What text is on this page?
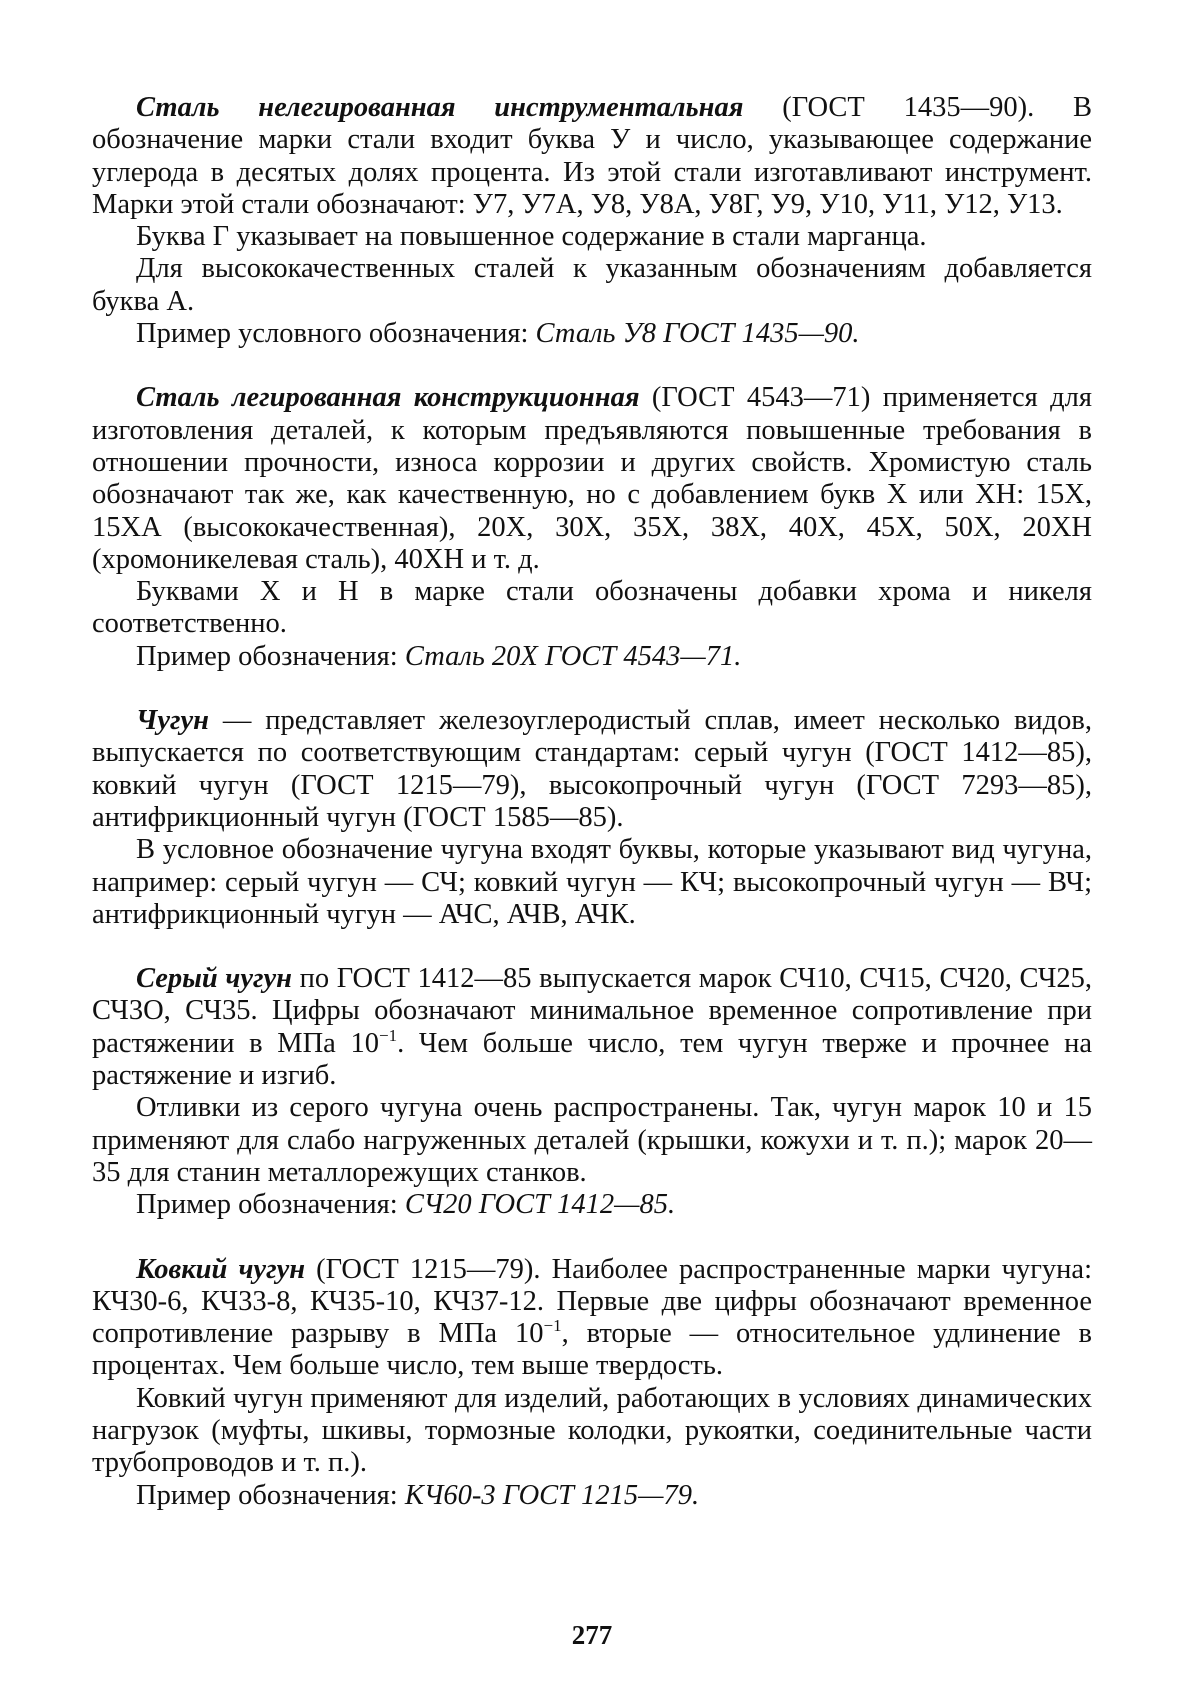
Сталь нелегированная инструментальная (ГОСТ 1435—90). В обозначение марки стали входит буква У и число, указывающее содержание углерода в десятых долях процента. Из этой стали изготавливают инструмент. Марки этой стали обозначают: У7, У7А, У8, У8А, У8Г, У9, У10, У11, У12, У13.

Буква Г указывает на повышенное содержание в стали марганца.

Для высококачественных сталей к указанным обозначениям добавляется буква А.

Пример условного обозначения: Сталь У8 ГОСТ 1435—90.

Сталь легированная конструкционная (ГОСТ 4543—71) применяется для изготовления деталей, к которым предъявляются повышенные требования в отношении прочности, износа коррозии и других свойств. Хромистую сталь обозначают так же, как качественную, но с добавлением букв Х или ХН: 15Х, 15ХА (высококачественная), 20Х, 30Х, 35Х, 38Х, 40Х, 45Х, 50Х, 20ХН (хромоникелевая сталь), 40ХН и т. д.

Буквами Х и Н в марке стали обозначены добавки хрома и никеля соответственно.

Пример обозначения: Сталь 20Х ГОСТ 4543—71.

Чугун — представляет железоуглеродистый сплав, имеет несколько видов, выпускается по соответствующим стандартам: серый чугун (ГОСТ 1412—85), ковкий чугун (ГОСТ 1215—79), высокопрочный чугун (ГОСТ 7293—85), антифрикционный чугун (ГОСТ 1585—85).

В условное обозначение чугуна входят буквы, которые указывают вид чугуна, например: серый чугун — СЧ; ковкий чугун — КЧ; высокопрочный чугун — ВЧ; антифрикционный чугун — АЧС, АЧВ, АЧК.

Серый чугун по ГОСТ 1412—85 выпускается марок СЧ10, СЧ15, СЧ20, СЧ25, СЧ3О, СЧ35. Цифры обозначают минимальное временное сопротивление при растяжении в МПа $10^{-1}$. Чем больше число, тем чугун тверже и прочнее на растяжение и изгиб.

Отливки из серого чугуна очень распространены. Так, чугун марок 10 и 15 применяют для слабо нагруженных деталей (крышки, кожухи и т. п.); марок 20—35 для станин металлорежущих станков.

Пример обозначения: СЧ20 ГОСТ 1412—85.

Ковкий чугун (ГОСТ 1215—79). Наиболее распространенные марки чугуна: КЧ30-6, КЧ33-8, КЧ35-10, КЧ37-12. Первые две цифры обозначают временное сопротивление разрыву в МПа $10^{-1}$, вторые — относительное удлинение в процентах. Чем больше число, тем выше твердость.

Ковкий чугун применяют для изделий, работающих в условиях динамических нагрузок (муфты, шкивы, тормозные колодки, рукоятки, соединительные части трубопроводов и т. п.).

Пример обозначения: КЧ60-3 ГОСТ 1215—79.

277
